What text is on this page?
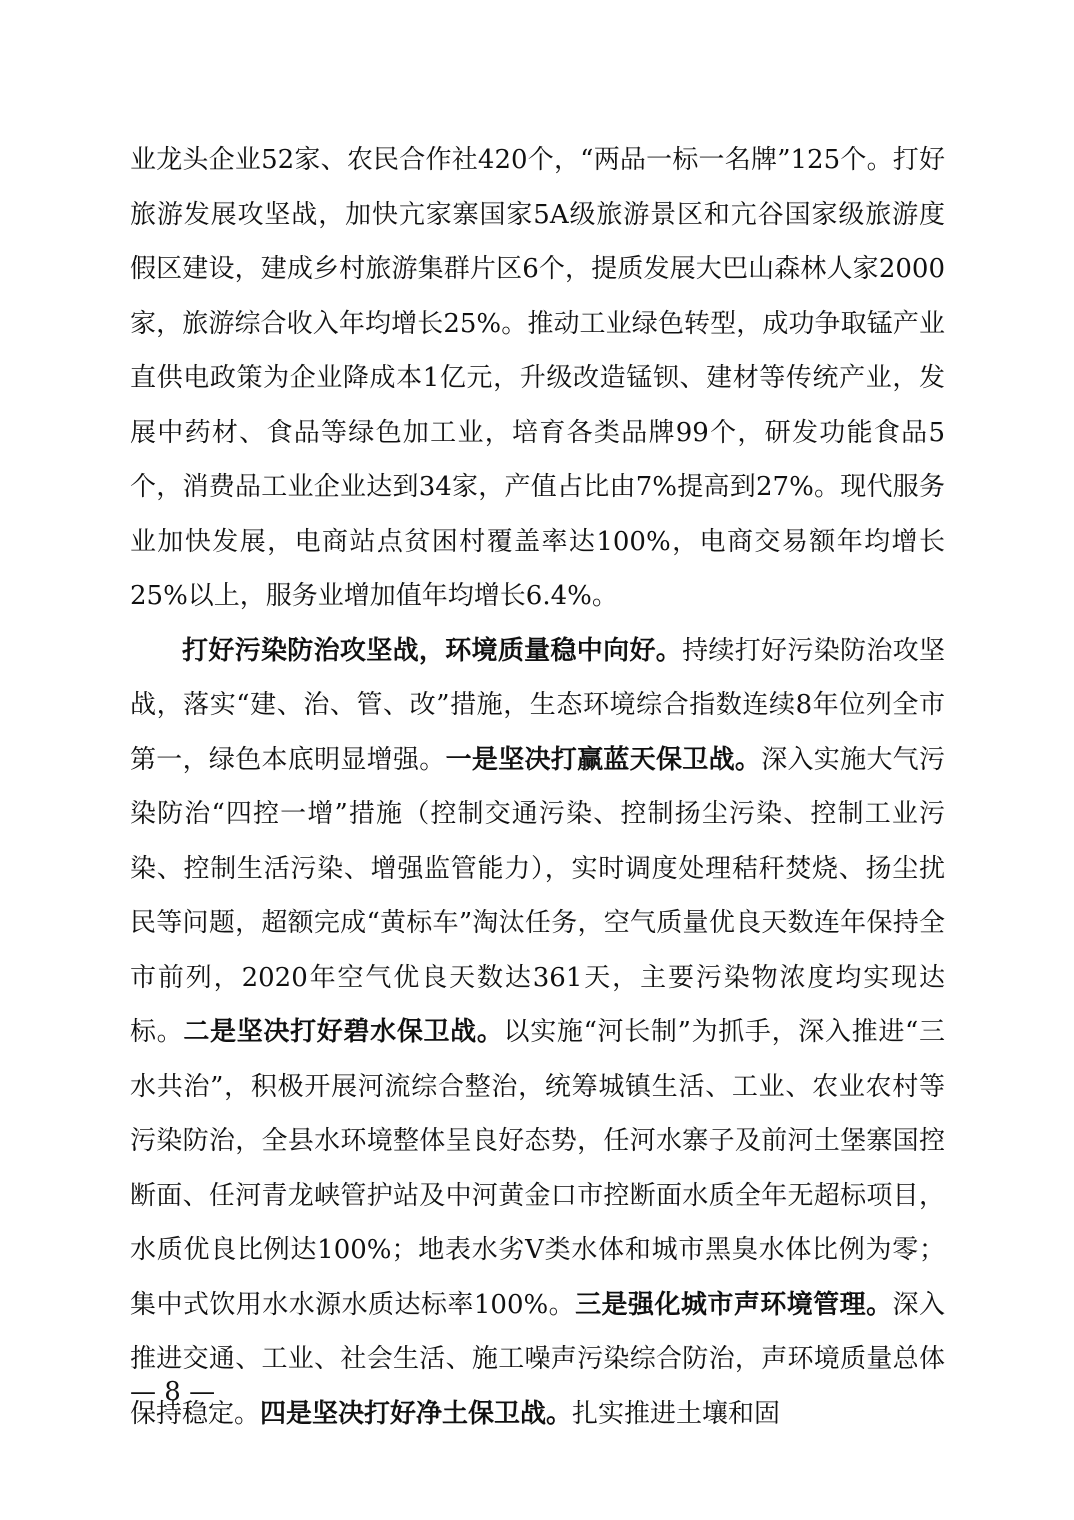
业龙头企业52家、农民合作社420个，“两品一标一名牌”125个。打好旅游发展攻坚战，加快亢家寨国家5A级旅游景区和亢谷国家级旅游度假区建设，建成乡村旅游集群片区6个，提质发展大巴山森林人家2000家，旅游综合收入年均增长25%。推动工业绿色转型，成功争取锰产业直供电政策为企业降成本1亿元，升级改造锰钡、建材等传统产业，发展中药材、食品等绿色加工业，培育各类品牌99个，研发功能食品5个，消费品工业企业达到34家，产值占比由7%提高到27%。现代服务业加快发展，电商站点贫困村覆盖率达100%，电商交易额年均增长25%以上，服务业增加值年均增长6.4%。

打好污染防治攻坚战，环境质量稳中向好。持续打好污染防治攻坚战，落实“建、治、管、改”措施，生态环境综合指数连续8年位列全市第一，绿色本底明显增强。一是坚决打赢蓝天保卫战。深入实施大气污染防治“四控一增”措施（控制交通污染、控制扬尘污染、控制工业污染、控制生活污染、增强监管能力），实时调度处理秸秆焚烧、扬尘扰民等问题，超额完成“黄标车”淘汰任务，空气质量优良天数连年保持全市前列，2020年空气优良天数达361天，主要污染物浓度均实现达标。二是坚决打好碧水保卫战。以实施“河长制”为抓手，深入推进“三水共治”，积极开展河流综合整治，统筹城镇生活、工业、农业农村等污染防治，全县水环境整体呈良好态势，任河水寨子及前河土堡寨国控断面、任河青龙峡管护站及中河黄金口市控断面水质全年无超标项目，水质优良比例达100%；地表水劣Ⅴ类水体和城市黑臭水体比例为零；集中式饮用水水源水质达标率100%。三是强化城市声环境管理。深入推进交通、工业、社会生活、施工噪声污染综合防治，声环境质量总体保持稳定。四是坚决打好净土保卫战。扎实推进土壤和固

— 8 —
